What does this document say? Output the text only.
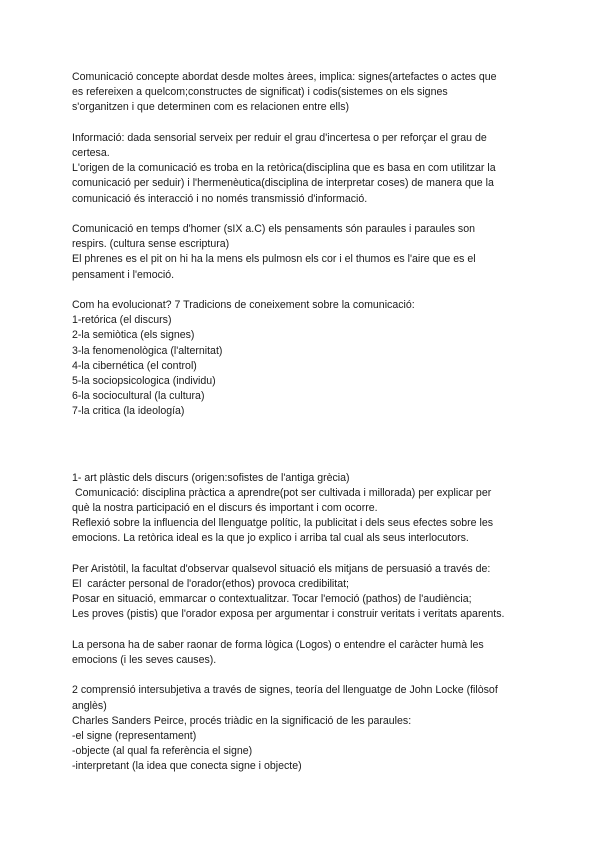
Comunicació concepte abordat desde moltes àrees, implica: signes(artefactes o actes que
es refereixen a quelcom;constructes de significat) i codis(sistemes on els signes
s'organitzen i que determinen com es relacionen entre ells)
Informació: dada sensorial serveix per reduir el grau d'incertesa o per reforçar el grau de
certesa.
L'origen de la comunicació es troba en la retòrica(disciplina que es basa en com utilitzar la
comunicació per seduir) i l'hermenèutica(disciplina de interpretar coses) de manera que la
comunicació és interacció i no només transmissió d'informació.
Comunicació en temps d'homer (sIX a.C) els pensaments són paraules i paraules son
respirs. (cultura sense escriptura)
El phrenes es el pit on hi ha la mens els pulmosn els cor i el thumos es l'aire que es el
pensament i l'emoció.
Com ha evolucionat? 7 Tradicions de coneixement sobre la comunicació:
1-retórica (el discurs)
2-la semiòtica (els signes)
3-la fenomenològica (l'alternitat)
4-la cibernética (el control)
5-la sociopsicologica (individu)
6-la sociocultural (la cultura)
7-la critica (la ideología)
1- art plàstic dels discurs (origen:sofistes de l'antiga grècia)
Comunicació: disciplina pràctica a aprendre(pot ser cultivada i millorada) per explicar per
què la nostra participació en el discurs és important i com ocorre.
Reflexió sobre la influencia del llenguatge polític, la publicitat i dels seus efectes sobre les
emocions. La retòrica ideal es la que jo explico i arriba tal cual als seus interlocutors.
Per Aristòtil, la facultat d'observar qualsevol situació els mitjans de persuasió a través de:
El  carácter personal de l'orador(ethos) provoca credibilitat;
Posar en situació, emmarcar o contextualitzar. Tocar l'emoció (pathos) de l'audiència;
Les proves (pistis) que l'orador exposa per argumentar i construir veritats i veritats aparents.
La persona ha de saber raonar de forma lògica (Logos) o entendre el caràcter humà les
emocions (i les seves causes).
2 comprensió intersubjetiva a través de signes, teoría del llenguatge de John Locke (filòsof
anglès)
Charles Sanders Peirce, procés triàdic en la significació de les paraules:
-el signe (representament)
-objecte (al qual fa referència el signe)
-interpretant (la idea que conecta signe i objecte)
